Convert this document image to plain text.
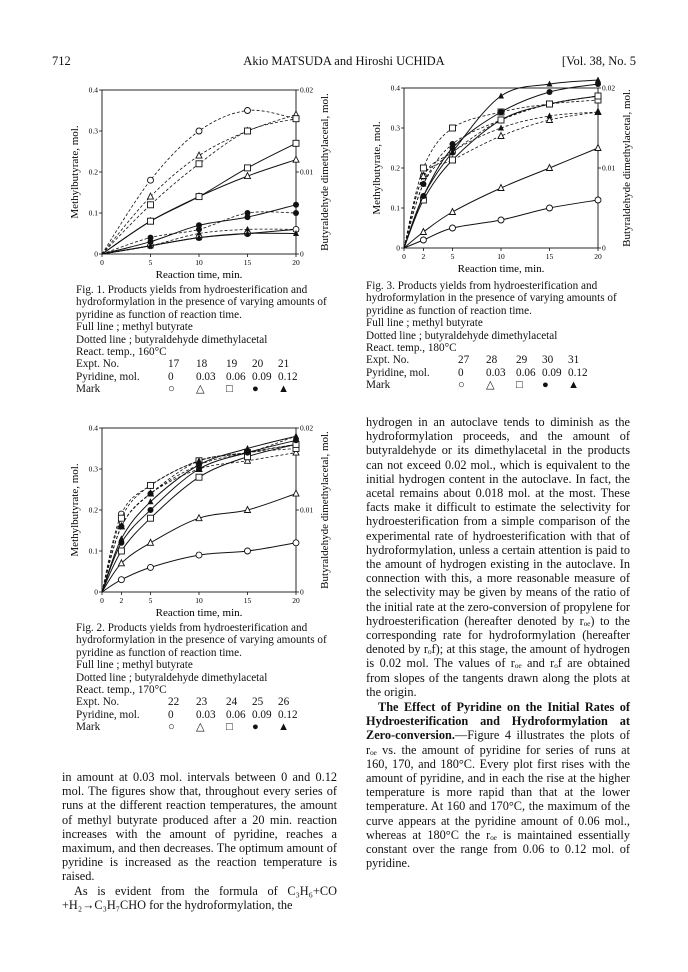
712	Akio MATSUDA and Hiroshi UCHIDA	[Vol. 38, No. 5
0	5	10	15	20
0
0.1
0.2
0.3
0.4
0
0.01
0.02
Reaction time, min.
Methylbutyrate, mol.	Butyraldehyde dimethylacetal, mol.
Fig. 1. Products yields from hydroesterification and hydroformylation in the presence of varying amounts of pyridine as function of reaction time.
Full line ; methyl butyrate
Dotted line ; butyraldehyde dimethylacetal
React. temp., 160°C
Expt. No.	17	18	19	20	21
Pyridine, mol.	0	0.03 0.06 0.09 0.12
Mark	○	△	□	●	▲
0 2	5	10	15	20
0
0.1
0.2
0.3
0.4
0
0.01
0.02
Reaction time, min.
Methylbutyrate, mol.	Butyraldehyde dimethylacetal, mol.
Fig. 3. Products yields from hydroesterification and hydroformylation in the presence of varying amounts of pyridine as function of reaction time.
Full line ; methyl butyrate
Dotted line ; butyraldehyde dimethylacetal
React. temp., 180°C
Expt. No.	27	28	29	30	31
Pyridine, mol.	0	0.03 0.06 0.09 0.12
Mark	○	△	□	●	▲
0 2	5	10	15	20
0
0.1
0.2
0.3
0.4
0
0.01
0.02
Reaction time, min.
Methylbutyrate, mol.	Butyraldehyde dimethylacetal, mol.
Fig. 2. Products yields from hydroesterification and hydroformylation in the presence of varying amounts of pyridine as function of reaction time.
Full line ; methyl butyrate
Dotted line ; butyraldehyde dimethylacetal
React. temp., 170°C
Expt. No.	22	23	24	25	26
Pyridine, mol.	0	0.03 0.06 0.09 0.12
Mark	○	△	□	●	▲

in amount at 0.03 mol. intervals between 0 and 0.12 mol. The figures show that, throughout every series of runs at the different reaction temperatures, the amount of methyl butyrate produced after a 20 min. reaction increases with the amount of pyridine, reaches a maximum, and then decreases. The optimum amount of pyridine is increased as the reaction temperature is raised.

As is evident from the formula of C₃H₆+CO +H₂→C₃H₇CHO for the hydroformylation, the

hydrogen in an autoclave tends to diminish as the hydroformylation proceeds, and the amount of butyraldehyde or its dimethylacetal in the products can not exceed 0.02 mol., which is equivalent to the initial hydrogen content in the autoclave. In fact, the acetal remains about 0.018 mol. at the most. These facts make it difficult to estimate the selectivity for hydroesterification from a simple comparison of the experimental rate of hydroesterification with that of hydroformylation, unless a certain attention is paid to the amount of hydrogen existing in the autoclave. In connection with this, a more reasonable measure of the selectivity may be given by means of the ratio of the initial rate at the zero-conversion of propylene for hydroesterification (hereafter denoted by rₒₑ) to the corresponding rate for hydroformylation (hereafter denoted by rₒf); at this stage, the amount of hydrogen is 0.02 mol. The values of rₒₑ and rₒf are obtained from slopes of the tangents drawn along the plots at the origin.

The Effect of Pyridine on the Initial Rates of Hydroesterification and Hydroformylation at Zero-conversion.—Figure 4 illustrates the plots of rₒₑ vs. the amount of pyridine for series of runs at 160, 170, and 180°C. Every plot first rises with the amount of pyridine, and in each the rise at the higher temperature is more rapid than that at the lower temperature. At 160 and 170°C, the maximum of the curve appears at the pyridine amount of 0.06 mol., whereas at 180°C the rₒₑ is maintained essentially constant over the range from 0.06 to 0.12 mol. of pyridine.
